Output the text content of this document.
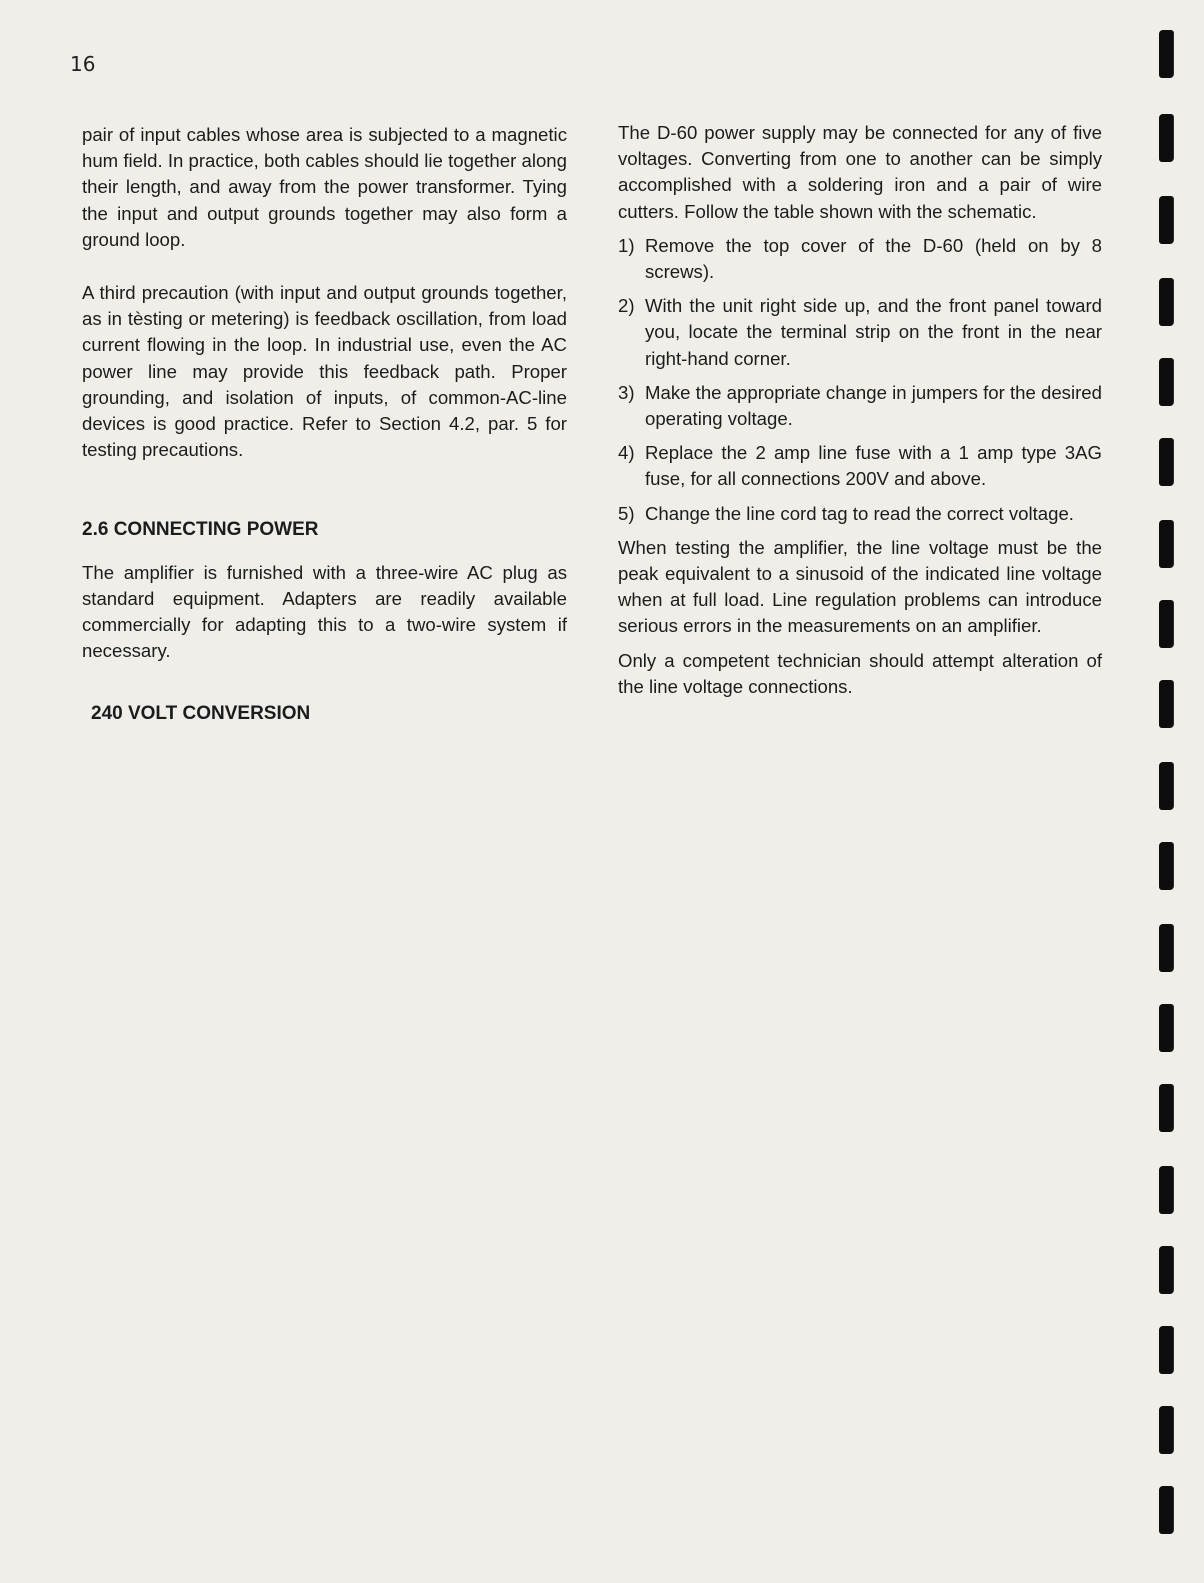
16

pair of input cables whose area is subjected to a magnetic hum field. In practice, both cables should lie together along their length, and away from the power transformer. Tying the input and output grounds together may also form a ground loop.

A third precaution (with input and output grounds together, as in tèsting or metering) is feedback oscillation, from load current flowing in the loop. In industrial use, even the AC power line may provide this feedback path. Proper grounding, and isolation of inputs, of common-AC-line devices is good practice. Refer to Section 4.2, par. 5 for testing precautions.

2.6 CONNECTING POWER

The amplifier is furnished with a three-wire AC plug as standard equipment. Adapters are readily available commercially for adapting this to a two-wire system if necessary.

240 VOLT CONVERSION

The D-60 power supply may be connected for any of five voltages. Converting from one to another can be simply accomplished with a soldering iron and a pair of wire cutters. Follow the table shown with the schematic.

1) Remove the top cover of the D-60 (held on by 8 screws).
2) With the unit right side up, and the front panel toward you, locate the terminal strip on the front in the near right-hand corner.
3) Make the appropriate change in jumpers for the desired operating voltage.
4) Replace the 2 amp line fuse with a 1 amp type 3AG fuse, for all connections 200V and above.
5) Change the line cord tag to read the correct voltage.

When testing the amplifier, the line voltage must be the peak equivalent to a sinusoid of the indicated line voltage when at full load. Line regulation problems can introduce serious errors in the measurements on an amplifier.

Only a competent technician should attempt alteration of the line voltage connections.
